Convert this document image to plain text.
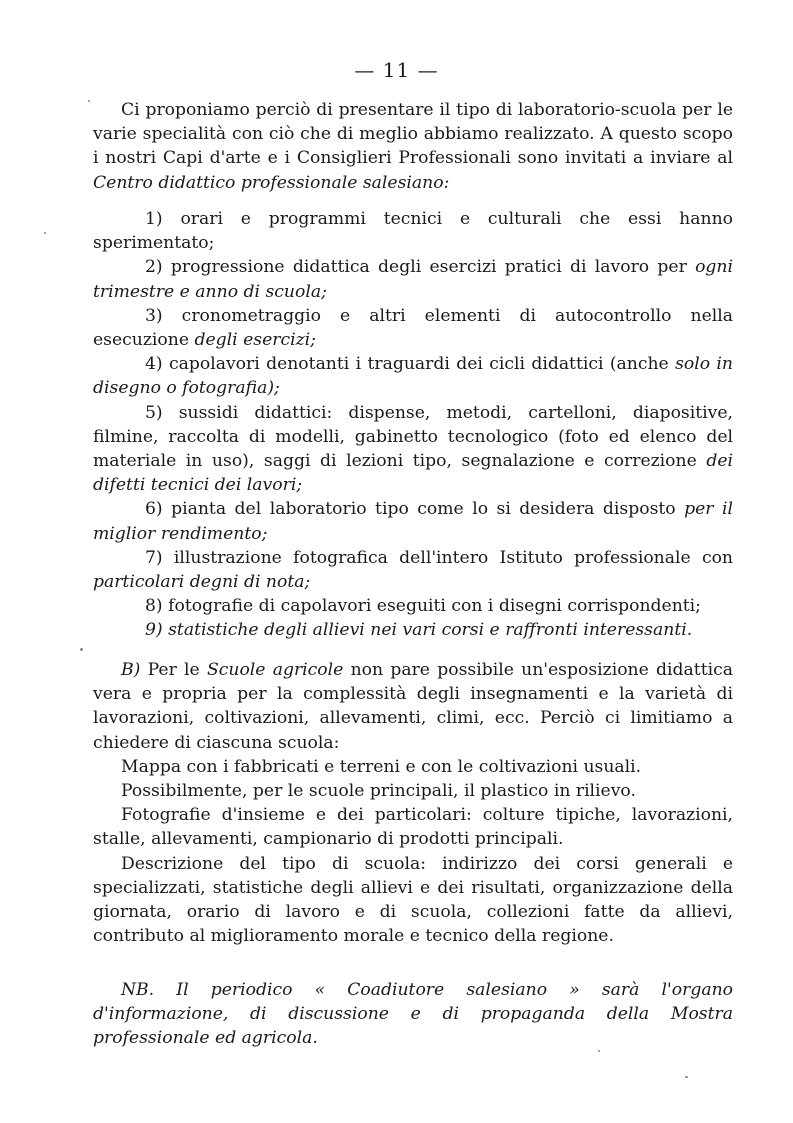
— 11 —

Ci proponiamo perciò di presentare il tipo di laboratorio-scuola per le varie specialità con ciò che di meglio abbiamo realizzato. A questo scopo i nostri Capi d'arte e i Consiglieri Professionali sono invitati a inviare al Centro didattico professionale salesiano:

1) orari e programmi tecnici e culturali che essi hanno sperimentato;

2) progressione didattica degli esercizi pratici di lavoro per ogni trimestre e anno di scuola;

3) cronometraggio e altri elementi di autocontrollo nella esecuzione degli esercizi;

4) capolavori denotanti i traguardi dei cicli didattici (anche solo in disegno o fotografia);

5) sussidi didattici: dispense, metodi, cartelloni, diapositive, filmine, raccolta di modelli, gabinetto tecnologico (foto ed elenco del materiale in uso), saggi di lezioni tipo, segnalazione e correzione dei difetti tecnici dei lavori;

6) pianta del laboratorio tipo come lo si desidera disposto per il miglior rendimento;

7) illustrazione fotografica dell'intero Istituto professionale con particolari degni di nota;

8) fotografie di capolavori eseguiti con i disegni corrispondenti;

9) statistiche degli allievi nei vari corsi e raffronti interessanti.

B) Per le Scuole agricole non pare possibile un'esposizione didattica vera e propria per la complessità degli insegnamenti e la varietà di lavorazioni, coltivazioni, allevamenti, climi, ecc. Perciò ci limitiamo a chiedere di ciascuna scuola:

Mappa con i fabbricati e terreni e con le coltivazioni usuali.

Possibilmente, per le scuole principali, il plastico in rilievo.

Fotografie d'insieme e dei particolari: colture tipiche, lavorazioni, stalle, allevamenti, campionario di prodotti principali.

Descrizione del tipo di scuola: indirizzo dei corsi generali e specializzati, statistiche degli allievi e dei risultati, organizzazione della giornata, orario di lavoro e di scuola, collezioni fatte da allievi, contributo al miglioramento morale e tecnico della regione.

NB. Il periodico « Coadiutore salesiano » sarà l'organo d'informazione, di discussione e di propaganda della Mostra professionale ed agricola.
